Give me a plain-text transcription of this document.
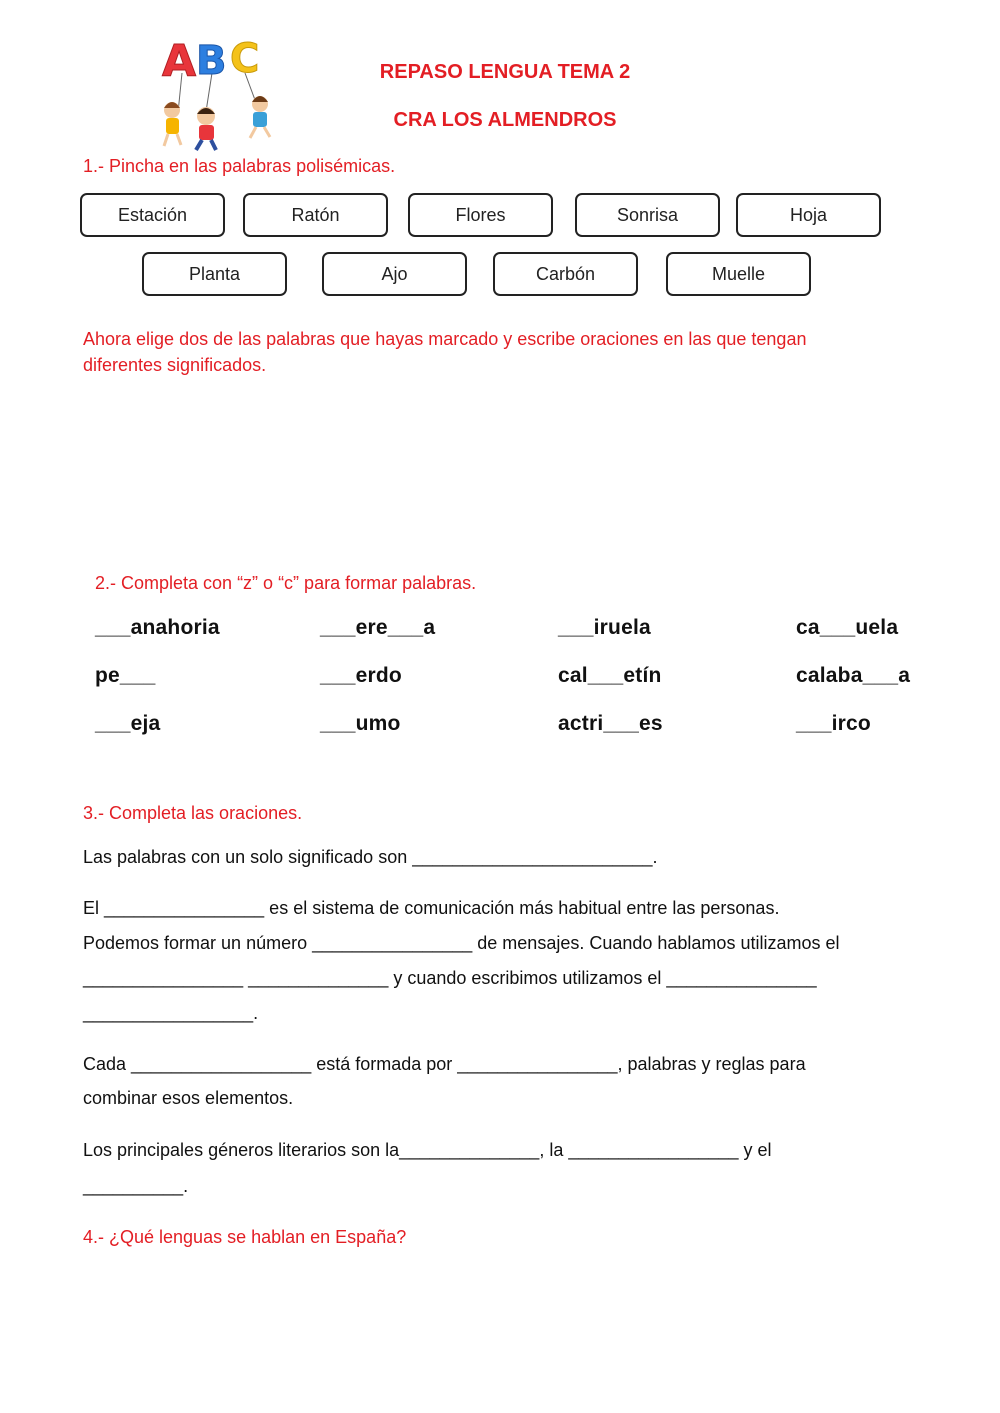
A B C	REPASO LENGUA TEMA 2
CRA LOS ALMENDROS
1.- Pincha en las palabras polisémicas.
Estación	Ratón	Flores	Sonrisa	Hoja
Planta	Ajo	Carbón	Muelle
Ahora elige dos de las palabras que hayas marcado y escribe oraciones en las que tengan
diferentes significados.
2.- Completa con “z” o “c” para formar palabras.
___anahoria	___ere___a	___iruela	ca___uela
pe___	___erdo	cal___etín	calaba___a
___eja	___umo	actri___es	___irco
3.- Completa las oraciones.
Las palabras con un solo significado son ________________________.
El ________________ es el sistema de comunicación más habitual entre las personas.
Podemos formar un número ________________ de mensajes. Cuando hablamos utilizamos el
________________ ______________ y cuando escribimos utilizamos el _______________
_________________.
Cada __________________ está formada por ________________, palabras y reglas para
combinar esos elementos.
Los principales géneros literarios son la______________, la _________________ y el
__________.
4.- ¿Qué lenguas se hablan en España?
